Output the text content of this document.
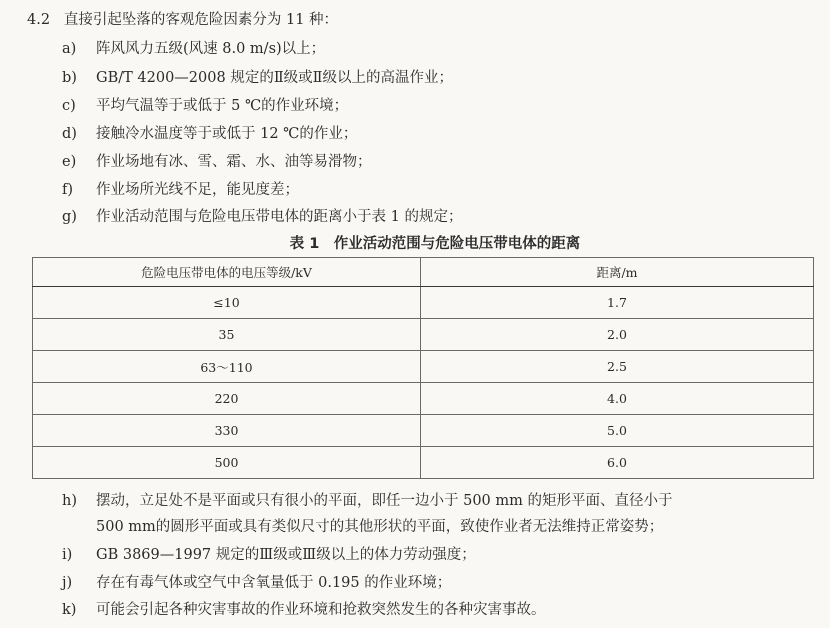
4.2 直接引起坠落的客观危险因素分为 11 种：
a) 阵风风力五级(风速 8.0 m/s)以上；
b) GB/T 4200—2008 规定的Ⅱ级或Ⅱ级以上的高温作业；
c) 平均气温等于或低于 5 ℃的作业环境；
d) 接触冷水温度等于或低于 12 ℃的作业；
e) 作业场地有冰、雪、霜、水、油等易滑物；
f) 作业场所光线不足，能见度差；
g) 作业活动范围与危险电压带电体的距离小于表 1 的规定；
表 1　作业活动范围与危险电压带电体的距离
危险电压带电体的电压等级/kV	距离/m
≤10	1.7
35	2.0
63～110	2.5
220	4.0
330	5.0
500	6.0
h) 摆动，立足处不是平面或只有很小的平面，即任一边小于 500 mm 的矩形平面、直径小于
500 mm的圆形平面或具有类似尺寸的其他形状的平面，致使作业者无法维持正常姿势；
i) GB 3869—1997 规定的Ⅲ级或Ⅲ级以上的体力劳动强度；
j) 存在有毒气体或空气中含氧量低于 0.195 的作业环境；
k) 可能会引起各种灾害事故的作业环境和抢救突然发生的各种灾害事故。
